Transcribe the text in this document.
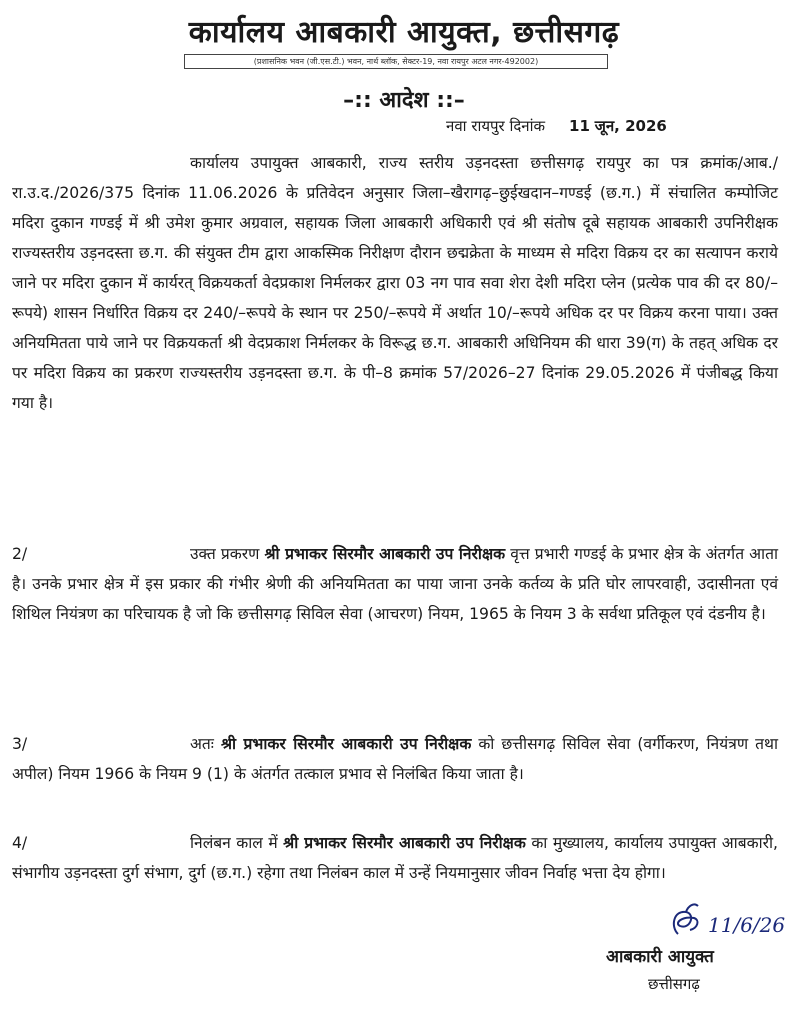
कार्यालय आबकारी आयुक्त, छत्तीसगढ़
(प्रशासनिक भवन (जी.एस.टी.) भवन, नार्थ ब्लॉक, सेक्टर-19, नवा रायपुर अटल नगर-492002)
–:: आदेश ::–
नवा रायपुर दिनांक 11 जून, 2026
कार्यालय उपायुक्त आबकारी, राज्य स्तरीय उड़नदस्ता छत्तीसगढ़ रायपुर का पत्र क्रमांक/आब./रा.उ.द./2026/375 दिनांक 11.06.2026 के प्रतिवेदन अनुसार जिला–खैरागढ़–छुईखदान–गण्डई (छ.ग.) में संचालित कम्पोजिट मदिरा दुकान गण्डई में श्री उमेश कुमार अग्रवाल, सहायक जिला आबकारी अधिकारी एवं श्री संतोष दूबे सहायक आबकारी उपनिरीक्षक राज्यस्तरीय उड़नदस्ता छ.ग. की संयुक्त टीम द्वारा आकस्मिक निरीक्षण दौरान छद्मक्रेता के माध्यम से मदिरा विक्रय दर का सत्यापन कराये जाने पर मदिरा दुकान में कार्यरत् विक्रयकर्ता वेदप्रकाश निर्मलकर द्वारा 03 नग पाव सवा शेरा देशी मदिरा प्लेन (प्रत्येक पाव की दर 80/–रूपये) शासन निर्धारित विक्रय दर 240/–रूपये के स्थान पर 250/–रूपये में अर्थात 10/–रूपये अधिक दर पर विक्रय करना पाया। उक्त अनियमितता पाये जाने पर विक्रयकर्ता श्री वेदप्रकाश निर्मलकर के विरूद्ध छ.ग. आबकारी अधिनियम की धारा 39(ग) के तहत् अधिक दर पर मदिरा विक्रय का प्रकरण राज्यस्तरीय उड़नदस्ता छ.ग. के पी–8 क्रमांक 57/2026–27 दिनांक 29.05.2026 में पंजीबद्ध किया गया है।
2/	उक्त प्रकरण श्री प्रभाकर सिरमौर आबकारी उप निरीक्षक वृत्त प्रभारी गण्डई के प्रभार क्षेत्र के अंतर्गत आता है। उनके प्रभार क्षेत्र में इस प्रकार की गंभीर श्रेणी की अनियमितता का पाया जाना उनके कर्तव्य के प्रति घोर लापरवाही, उदासीनता एवं शिथिल नियंत्रण का परिचायक है जो कि छत्तीसगढ़ सिविल सेवा (आचरण) नियम, 1965 के नियम 3 के सर्वथा प्रतिकूल एवं दंडनीय है।
3/	अतः श्री प्रभाकर सिरमौर आबकारी उप निरीक्षक को छत्तीसगढ़ सिविल सेवा (वर्गीकरण, नियंत्रण तथा अपील) नियम 1966 के नियम 9 (1) के अंतर्गत तत्काल प्रभाव से निलंबित किया जाता है।
4/	निलंबन काल में श्री प्रभाकर सिरमौर आबकारी उप निरीक्षक का मुख्यालय, कार्यालय उपायुक्त आबकारी, संभागीय उड़नदस्ता दुर्ग संभाग, दुर्ग (छ.ग.) रहेगा तथा निलंबन काल में उन्हें नियमानुसार जीवन निर्वाह भत्ता देय होगा।
11/6/26
आबकारी आयुक्त
छत्तीसगढ़
